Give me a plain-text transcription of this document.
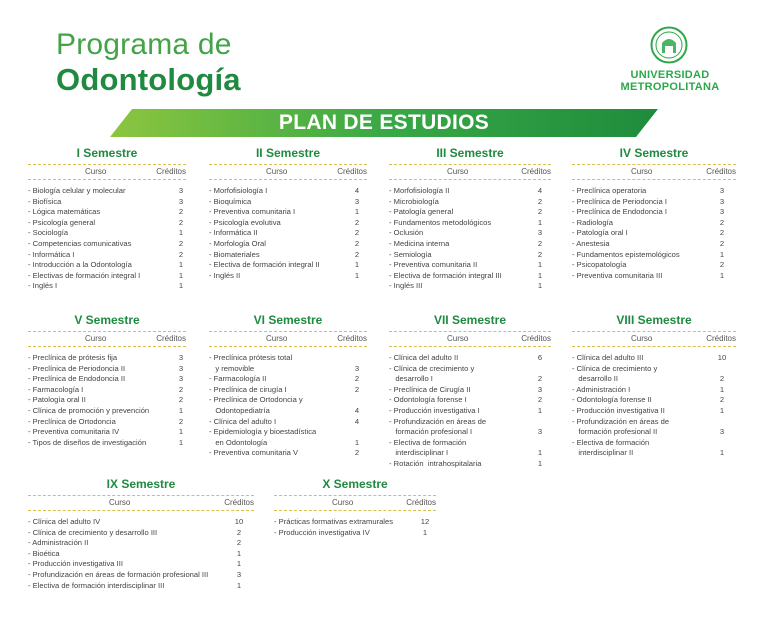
Programa de
Odontología	UNIVERSIDAD
METROPOLITANA
PLAN DE ESTUDIOS
I Semestre
Curso	Créditos
- Biología celular y molecular	3
- Biofísica	3
- Lógica matemáticas	2
- Psicología general	2
- Sociología	1
- Competencias comunicativas	2
- Informática I	2
- Introducción a la Odontología	1
- Electivas de formación integral I	1
- Inglés I	1
II Semestre
Curso	Créditos
- Morfofisiología I	4
- Bioquímica	3
- Preventiva comunitaria I	1
- Psicología evolutiva	2
- Informática II	2
- Morfología Oral	2
- Biomateriales	2
- Electiva de formación integral II	1
- Inglés II	1
III Semestre
Curso	Créditos
- Morfofisiología II	4
- Microbiología	2
- Patología general	2
- Fundamentos metodológicos	1
- Oclusión	3
- Medicina interna	2
- Semiología	2
- Preventiva comunitaria II	1
- Electiva de formación integral III	1
- Inglés III	1
IV Semestre
Curso	Créditos
- Preclínica operatoria	3
- Preclínica de Periodoncia I	3
- Preclínica de Endodoncia I	3
- Radiología	2
- Patología oral I	2
- Anestesia	2
- Fundamentos epistemológicos	1
- Psicopatología	2
- Preventiva comunitaria III	1
V Semestre
Curso	Créditos
- Preclínica de prótesis fija	3
- Preclínica de Periodoncia II	3
- Preclínica de Endodoncia II	3
- Farmacología I	2
- Patología oral II	2
- Clínica de promoción y prevención	1
- Preclínica de Ortodoncia	2
- Preventiva comunitaria IV	1
- Tipos de diseños de investigación	1
VI Semestre
Curso	Créditos
- Preclínica prótesis total
y removible	3
- Farmacología II	2
- Preclínica de cirugía I	2
- Preclínica de Ortodoncia y
Odontopediatría	4
- Clínica del adulto I	4
- Epidemiología y bioestadística
en Odontología	1
- Preventiva comunitaria V	2
VII Semestre
Curso	Créditos
- Clínica del adulto II	6
- Clínica de crecimiento y
desarrollo I	2
- Preclínica de Cirugía II	3
- Odontología forense I	2
- Producción investigativa I	1
- Profundización en áreas de
formación profesional I	3
- Electiva de formación
interdisciplinar I	1
- Rotación  intrahospitalaria	1
VIII Semestre
Curso	Créditos
- Clínica del adulto III	10
- Clínica de crecimiento y
desarrollo II	2
- Administración I	1
- Odontología forense II	2
- Producción investigativa II	1
- Profundización en áreas de
formación profesional II	3
- Electiva de formación
interdisciplinar II	1
IX Semestre
Curso	Créditos
- Clínica del adulto IV	10
- Clínica de crecimiento y desarrollo III	2
- Administración II	2
- Bioética	1
- Producción investigativa III	1
- Profundización en áreas de formación profesional III	3
- Electiva de formación interdisciplinar III	1
X Semestre
Curso	Créditos
- Prácticas formativas extramurales	12
- Producción investigativa IV	1
